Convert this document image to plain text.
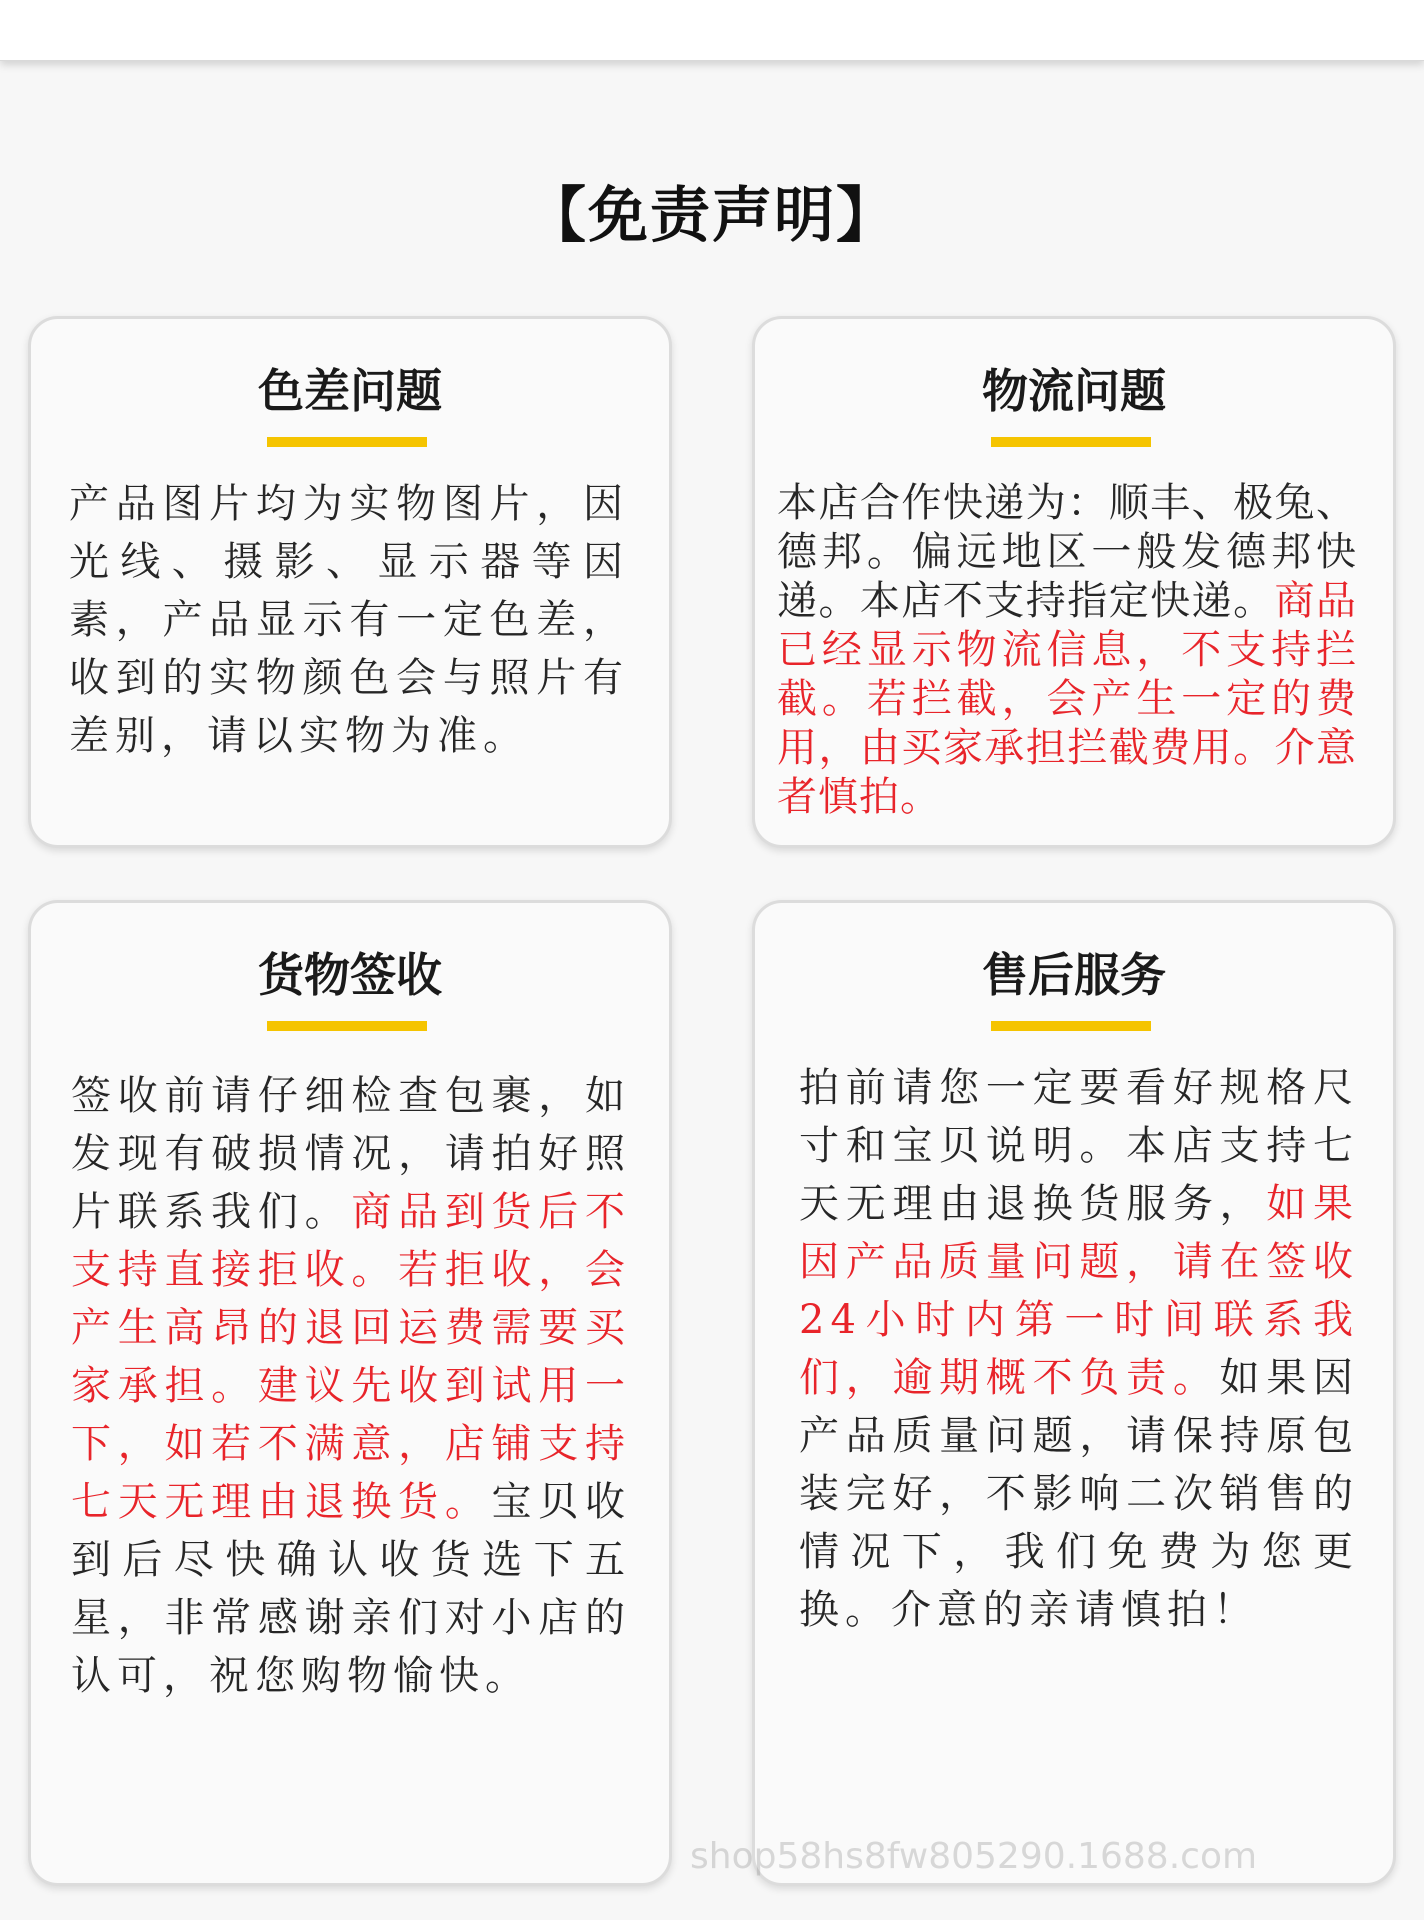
【免责声明】
色差问题

产品图片均为实物图片，因光线、摄影、显示器等因素，产品显示有一定色差，收到的实物颜色会与照片有差别，请以实物为准。

物流问题

本店合作快递为：顺丰、极兔、德邦。偏远地区一般发德邦快递。本店不支持指定快递。商品已经显示物流信息，不支持拦截。若拦截，会产生一定的费用，由买家承担拦截费用。介意者慎拍。

货物签收

签收前请仔细检查包裹，如发现有破损情况，请拍好照片联系我们。商品到货后不支持直接拒收。若拒收，会产生高昂的退回运费需要买家承担。建议先收到试用一下，如若不满意，店铺支持七天无理由退换货。宝贝收到后尽快确认收货选下五星，非常感谢亲们对小店的认可，祝您购物愉快。

售后服务

拍前请您一定要看好规格尺寸和宝贝说明。本店支持七天无理由退换货服务，如果因产品质量问题，请在签收24小时内第一时间联系我们，逾期概不负责。如果因产品质量问题，请保持原包装完好，不影响二次销售的情况下，我们免费为您更换。介意的亲请慎拍！

shop58hs8fw805290.1688.com
